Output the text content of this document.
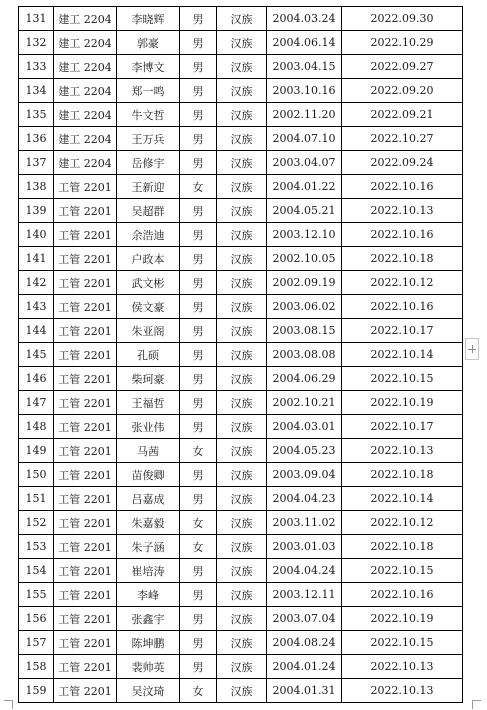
131	建工 2204	李晓辉	男	汉族	2004.03.24	2022.09.30
132	建工 2204	郭豪	男	汉族	2004.06.14	2022.10.29
133	建工 2204	李博文	男	汉族	2003.04.15	2022.09.27
134	建工 2204	郑一鸣	男	汉族	2003.10.16	2022.09.20
135	建工 2204	牛文哲	男	汉族	2002.11.20	2022.09.21
136	建工 2204	王万兵	男	汉族	2004.07.10	2022.10.27
137	建工 2204	岳修宇	男	汉族	2003.04.07	2022.09.24
138	工管 2201	王新迎	女	汉族	2004.01.22	2022.10.16
139	工管 2201	吴超群	男	汉族	2004.05.21	2022.10.13
140	工管 2201	余浩迪	男	汉族	2003.12.10	2022.10.16
141	工管 2201	户政本	男	汉族	2002.10.05	2022.10.18
142	工管 2201	武文彬	男	汉族	2002.09.19	2022.10.12
143	工管 2201	侯文豪	男	汉族	2003.06.02	2022.10.16
144	工管 2201	朱亚阁	男	汉族	2003.08.15	2022.10.17
145	工管 2201	孔硕	男	汉族	2003.08.08	2022.10.14
146	工管 2201	柴珂豪	男	汉族	2004.06.29	2022.10.15
147	工管 2201	王福哲	男	汉族	2002.10.21	2022.10.19
148	工管 2201	张业伟	男	汉族	2004.03.01	2022.10.17
149	工管 2201	马茜	女	汉族	2004.05.23	2022.10.13
150	工管 2201	苗俊卿	男	汉族	2003.09.04	2022.10.18
151	工管 2201	吕嘉成	男	汉族	2004.04.23	2022.10.14
152	工管 2201	朱嘉毅	女	汉族	2003.11.02	2022.10.12
153	工管 2201	朱子涵	女	汉族	2003.01.03	2022.10.18
154	工管 2201	崔培涛	男	汉族	2004.04.24	2022.10.15
155	工管 2201	李峰	男	汉族	2003.12.11	2022.10.16
156	工管 2201	张鑫宇	男	汉族	2003.07.04	2022.10.19
157	工管 2201	陈坤鹏	男	汉族	2004.08.24	2022.10.15
158	工管 2201	裴帅英	男	汉族	2004.01.24	2022.10.13
159	工管 2201	吴汶琦	女	汉族	2004.01.31	2022.10.13
